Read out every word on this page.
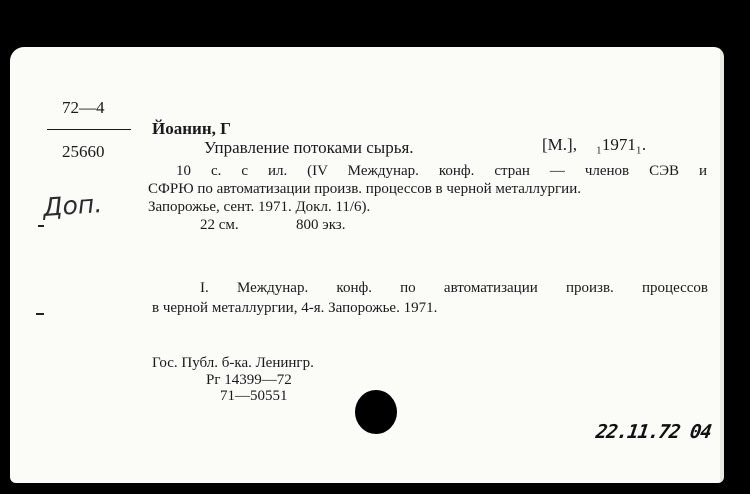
72—4
25660
Доп.
Йоанин, Г
Управление потоками сырья.	[М.], ₁1971₁.
10 с. с ил. (IV Междунар. конф. стран — членов СЭВ и
СФРЮ по автоматизации произв. процессов в черной металлургии.
Запорожье, сент. 1971. Докл. 11/6).
22 см.	800 экз.
I. Междунар. конф. по автоматизации произв. процессов
в черной металлургии, 4-я. Запорожье. 1971.
Гос. Публ. б-ка. Ленингр.
Рг 14399—72
71—50551
22.11.72 04
